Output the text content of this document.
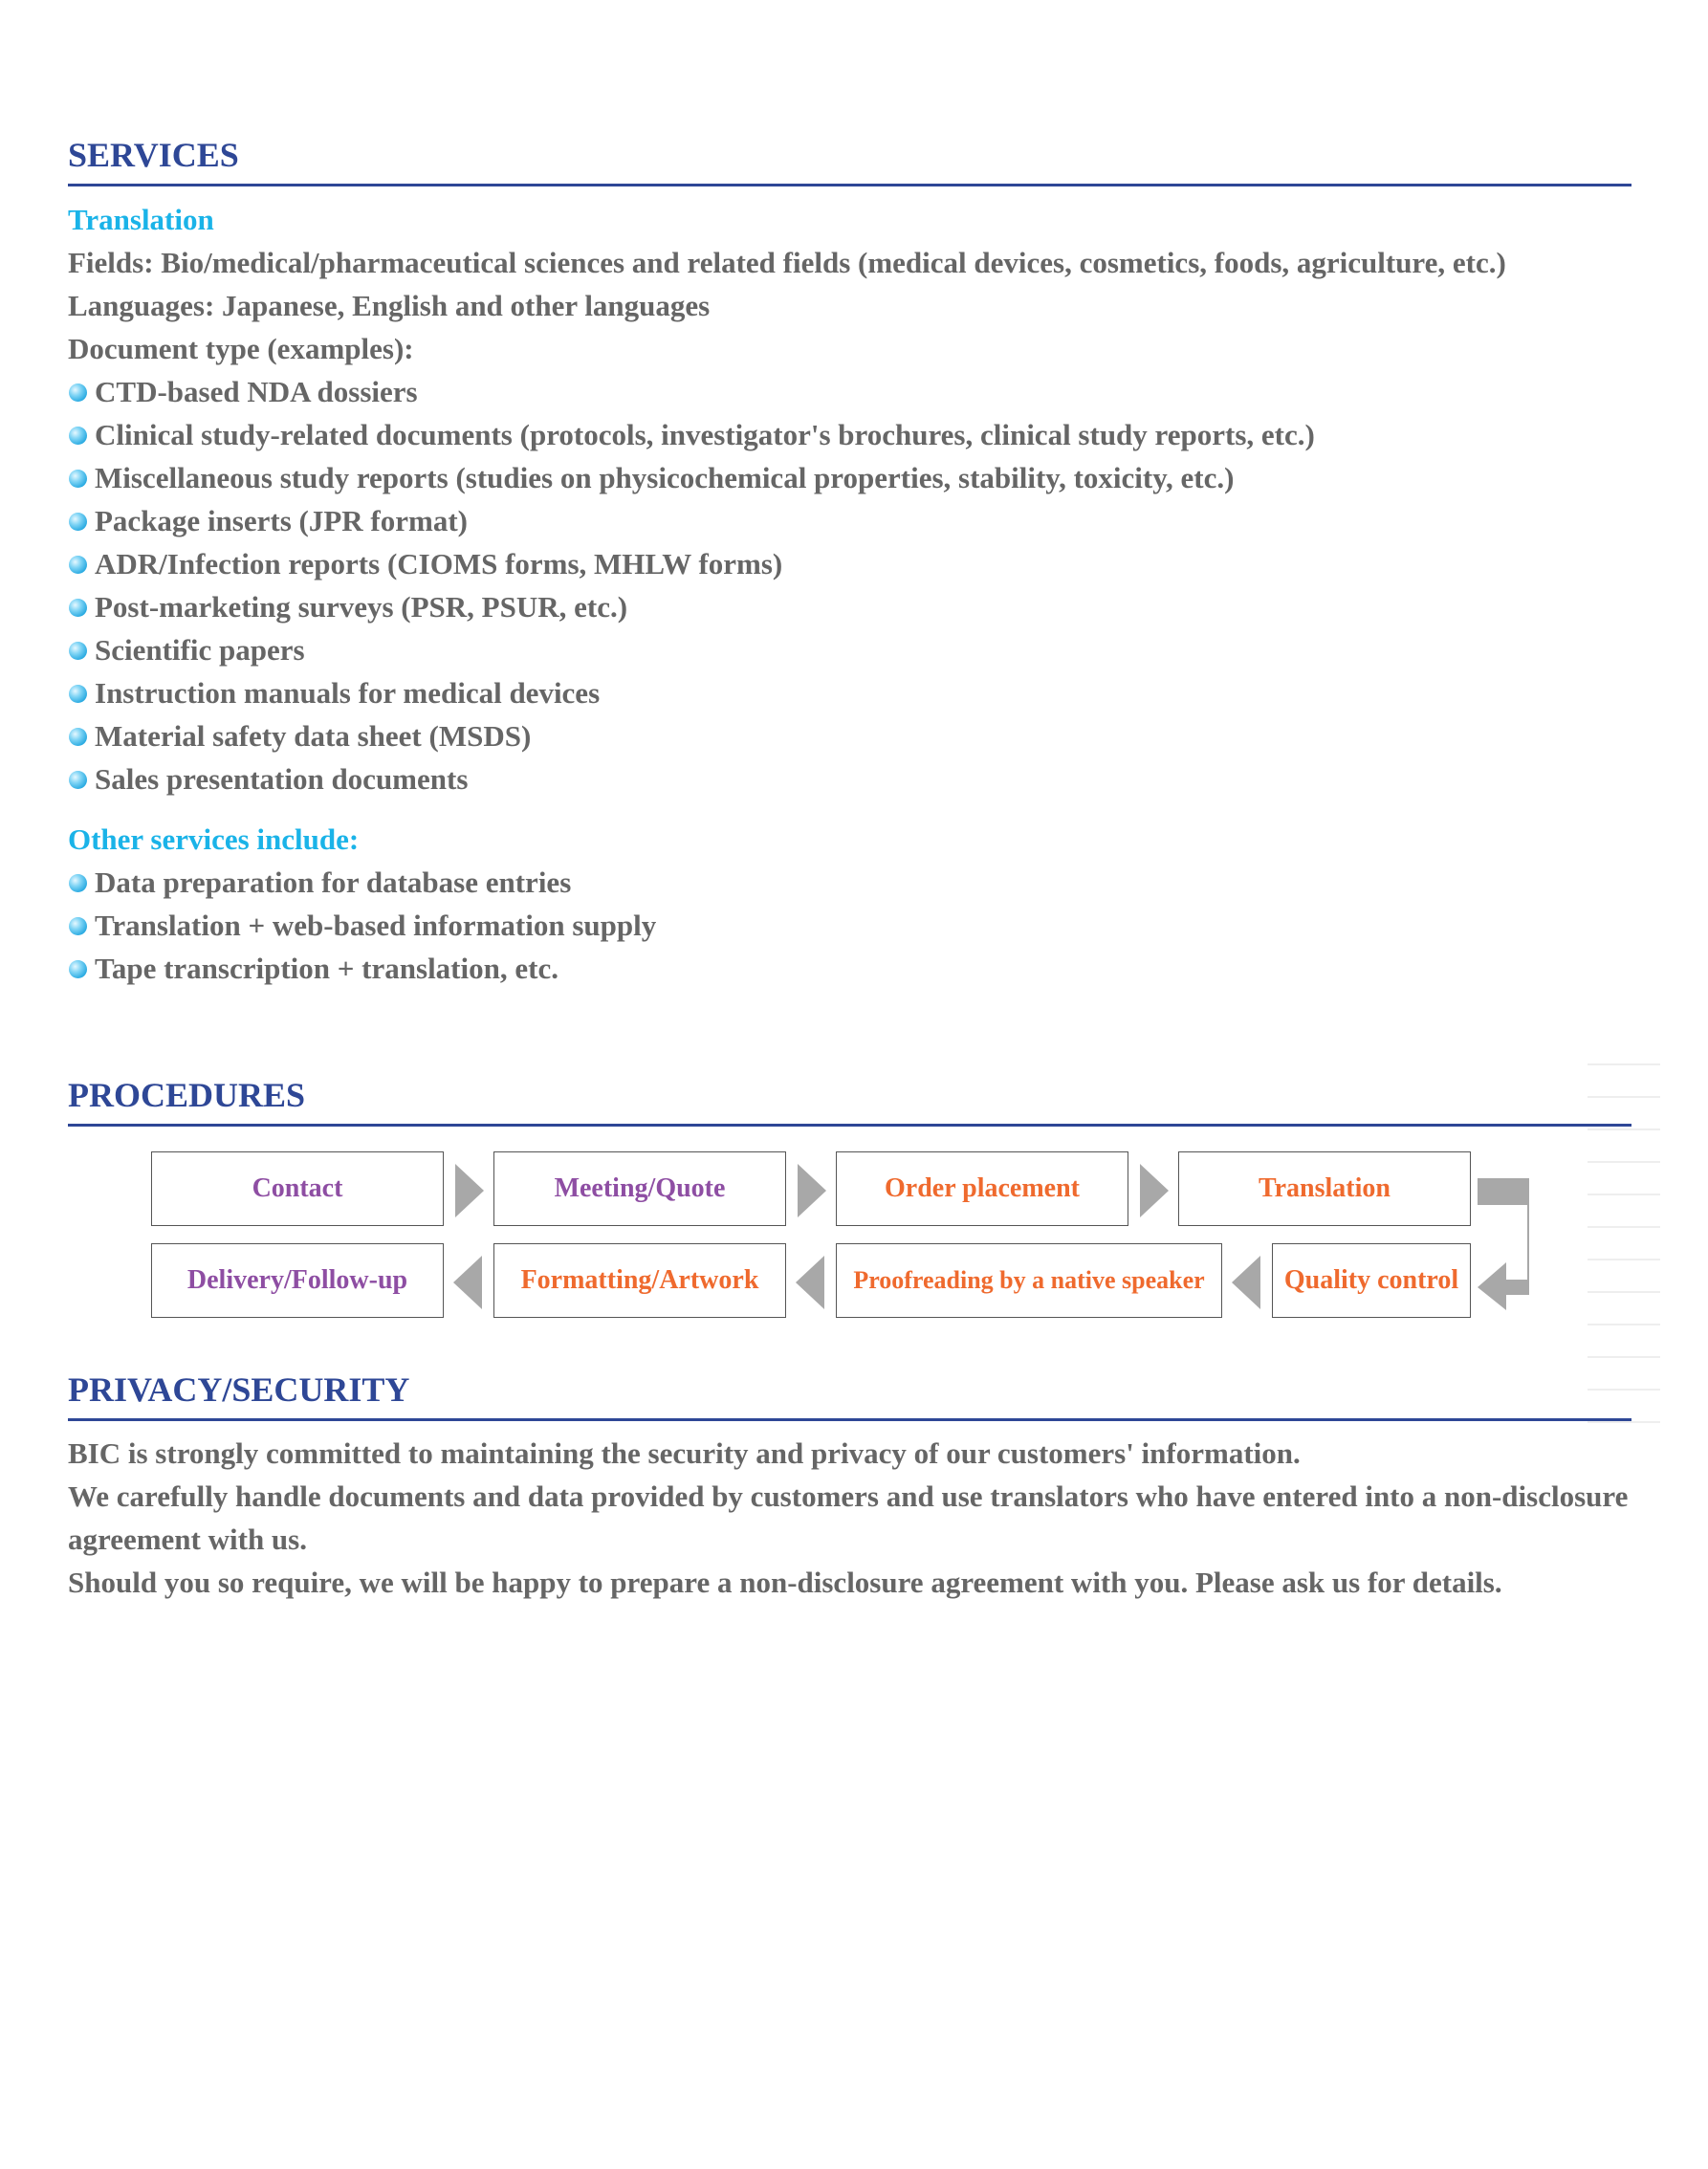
SERVICES
Translation
Fields: Bio/medical/pharmaceutical sciences and related fields (medical devices, cosmetics, foods, agriculture, etc.)
Languages: Japanese, English and other languages
Document type (examples):
CTD-based NDA dossiers
Clinical study-related documents (protocols, investigator's brochures, clinical study reports, etc.)
Miscellaneous study reports (studies on physicochemical properties, stability, toxicity, etc.)
Package inserts (JPR format)
ADR/Infection reports (CIOMS forms, MHLW forms)
Post-marketing surveys (PSR, PSUR, etc.)
Scientific papers
Instruction manuals for medical devices
Material safety data sheet (MSDS)
Sales presentation documents
Other services include:
Data preparation for database entries
Translation + web-based information supply
Tape transcription + translation, etc.
PROCEDURES
Contact	Meeting/Quote	Order placement	Translation
Delivery/Follow-up	Formatting/Artwork	Proofreading by a native speaker	Quality control
PRIVACY/SECURITY
BIC is strongly committed to maintaining the security and privacy of our customers' information.
We carefully handle documents and data provided by customers and use translators who have entered into a non-disclosure agreement with us.
Should you so require, we will be happy to prepare a non-disclosure agreement with you. Please ask us for details.
